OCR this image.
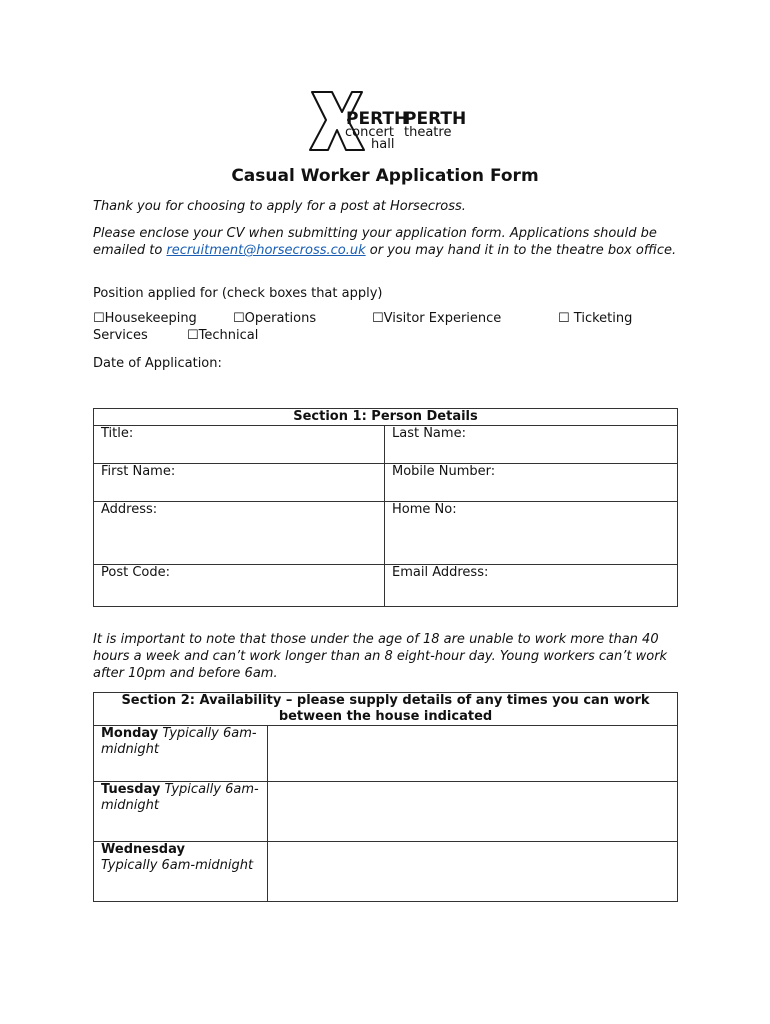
PERTH
PERTH
concert theatre
hall
Casual Worker Application Form
Thank you for choosing to apply for a post at Horsecross.
Please enclose your CV when submitting your application form. Applications should be emailed to recruitment@horsecross.co.uk or you may hand it in to the theatre box office.
Position applied for (check boxes that apply)
☐Housekeeping	☐Operations	☐Visitor Experience	☐ Ticketing
Services	☐Technical
Date of Application:
Section 1: Person Details	
Title:	Last Name:
First Name:	Mobile Number:
Address:	Home No:
Post Code:	Email Address:
It is important to note that those under the age of 18 are unable to work more than 40 hours a week and can’t work longer than an 8 eight-hour day. Young workers can’t work after 10pm and before 6am.
Section 2: Availability – please supply details of any times you can work between the house indicated	
Monday Typically 6am-midnight	
Tuesday Typically 6am-midnight	
Wednesday
Typically 6am-midnight	
